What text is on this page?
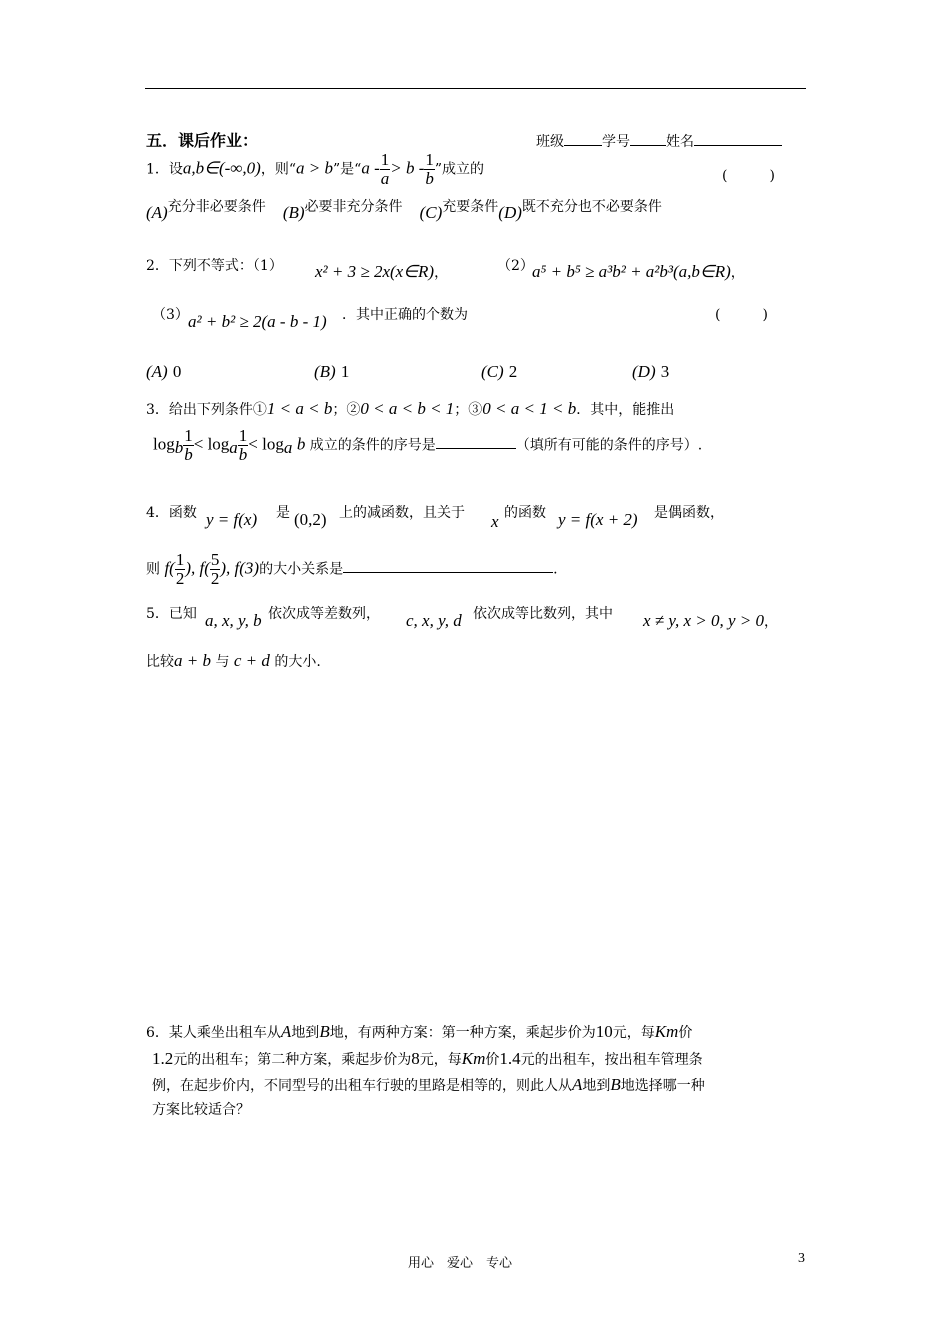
五．课后作业：	班级	学号	姓名
1．设a,b∈(-∞,0)，则“a > b”是“$a - \frac{1}{a} > b - \frac{1}{b}$ ”成立的	(　　　)
(A)充分非必要条件 (B)必要非充分条件 (C)充要条件(D)既不充分也不必要条件
2．下列不等式：（1） x² + 3 ≥ 2x(x∈R)，	（2）
a⁵ + b⁵ ≥ a³b² + a²b³(a,b∈R)，
（3） a² + b² ≥ 2(a - b - 1) ．其中正确的个数为	(　　　)
(A) 0	(B) 1	(C) 2	(D) 3
3．给出下列条件①1 < a < b；②0 < a < b < 1；③0 < a < 1 < b．其中，能推出
$\log_b \frac{1}{b} < \log_a \frac{1}{b} < \log_a b$ 成立的条件的序号是	（填所有可能的条件的序号）.
4．函数 y = f(x) 是 (0,2) 上的减函数，且关于 x 的函数 y = f(x + 2) 是偶函数，
则 $f( \frac{1}{2}$ ), $f( \frac{5}{2}$ ), f(3)的大小关系是	.
5．已知 a, x, y, b 依次成等差数列， c, x, y, d 依次成等比数列，其中 x ≠ y, x > 0, y > 0，
比较a + b 与 c + d 的大小.
6．某人乘坐出租车从A地到B地，有两种方案：第一种方案，乘起步价为10元，每Km价
1.2元的出租车；第二种方案，乘起步价为8元，每Km价1.4元的出租车，按出租车管理条
例，在起步价内，不同型号的出租车行驶的里路是相等的，则此人从A地到B地选择哪一种
方案比较适合？
用心　爱心　专心	3
